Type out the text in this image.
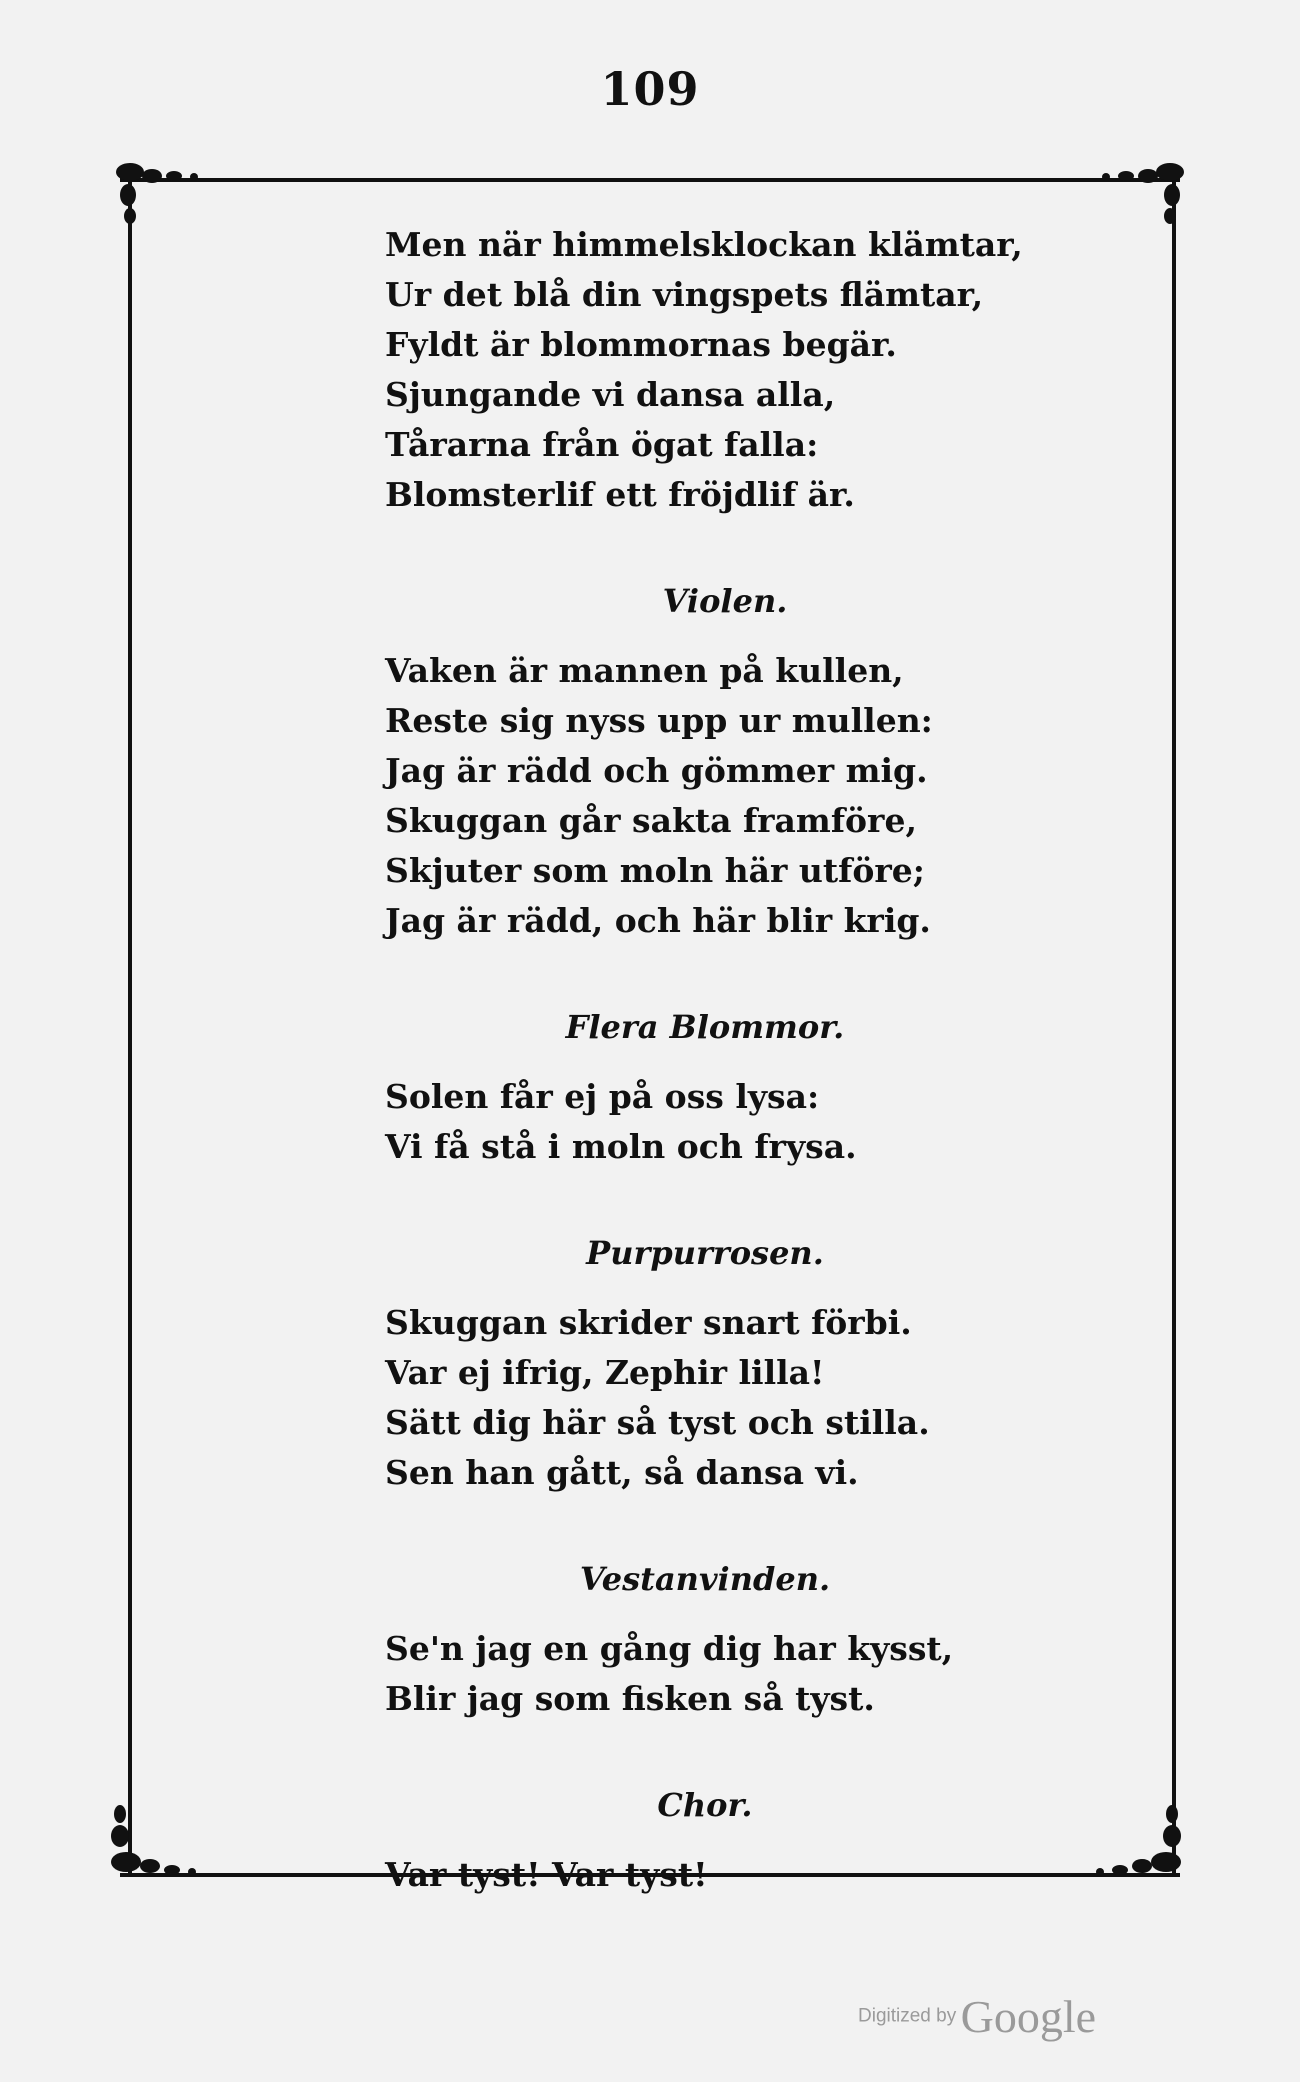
109
Men när himmelsklockan klämtar,
Ur det blå din vingspets flämtar,
Fyldt är blommornas begär.
Sjungande vi dansa alla,
Tårarna från ögat falla:
Blomsterlif ett fröjdlif är.
Violen.
Vaken är mannen på kullen,
Reste sig nyss upp ur mullen:
Jag är rädd och gömmer mig.
Skuggan går sakta framföre,
Skjuter som moln här utföre;
Jag är rädd, och här blir krig.
Flera Blommor.
Solen får ej på oss lysa:
Vi få stå i moln och frysa.
Purpurrosen.
Skuggan skrider snart förbi.
Var ej ifrig, Zephir lilla!
Sätt dig här så tyst och stilla.
Sen han gått, så dansa vi.
Vestanvinden.
Se'n jag en gång dig har kysst,
Blir jag som fisken så tyst.
Chor.
Var tyst! Var tyst!
Digitized by Google
